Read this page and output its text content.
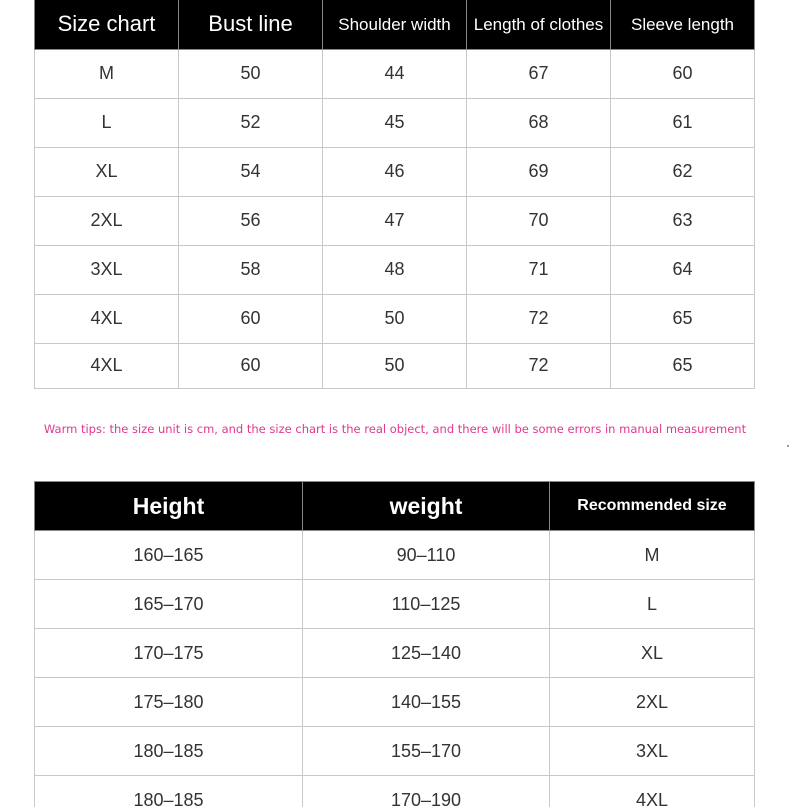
Size chart	Bust line	Shoulder width	Length of clothes	Sleeve length
M	50	44	67	60
L	52	45	68	61
XL	54	46	69	62
2XL	56	47	70	63
3XL	58	48	71	64
4XL	60	50	72	65
4XL	60	50	72	65
Warm tips: the size unit is cm, and the size chart is the real object, and there will be some errors in manual measurement
Height	weight	Recommended size
160–165	90–110	M
165–170	110–125	L
170–175	125–140	XL
175–180	140–155	2XL
180–185	155–170	3XL
180–185	170–190	4XL
